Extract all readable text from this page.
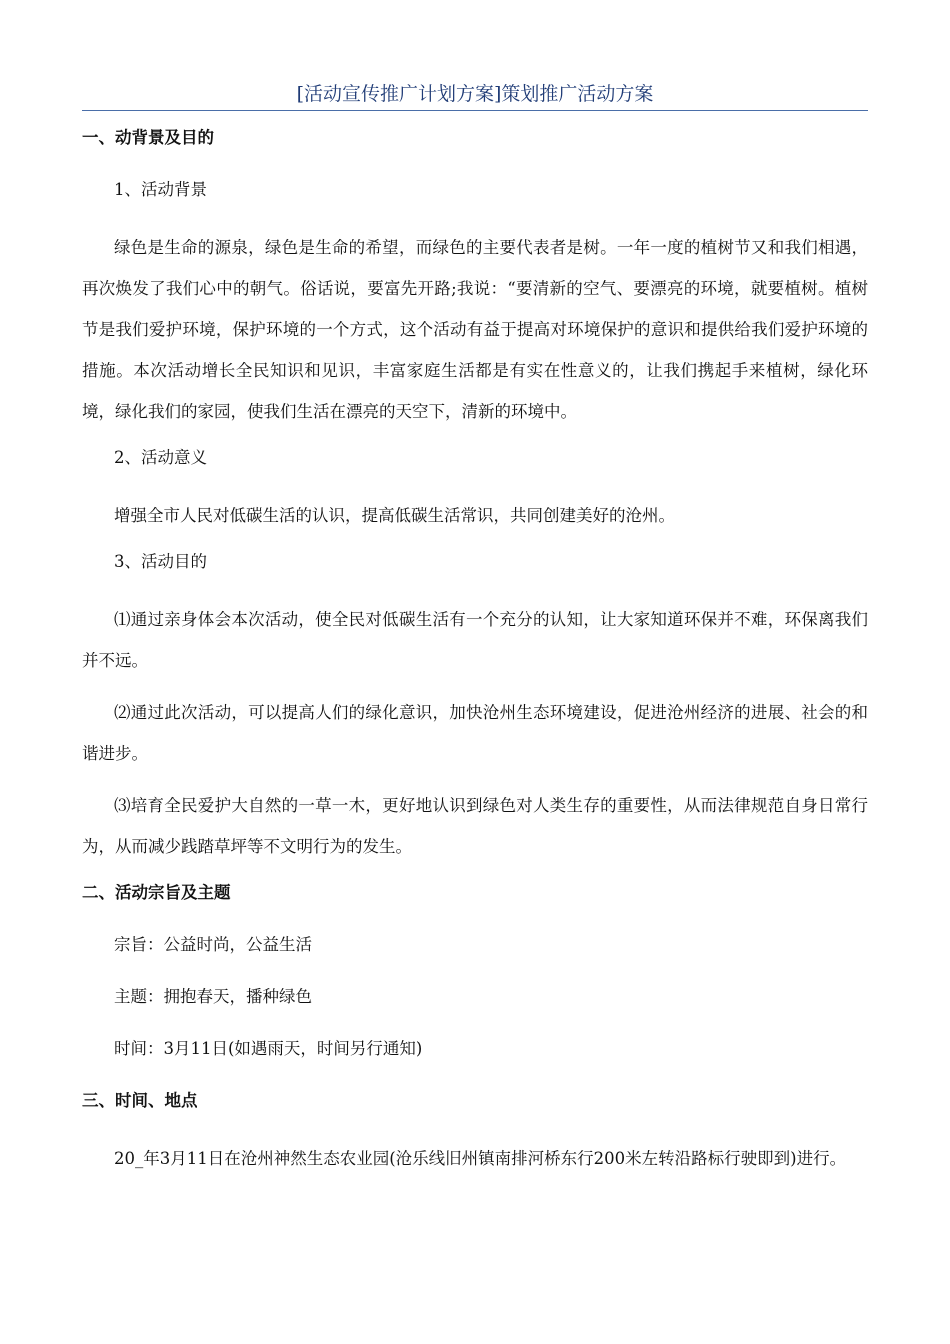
[活动宣传推广计划方案]策划推广活动方案
一、动背景及目的
1、活动背景
绿色是生命的源泉，绿色是生命的希望，而绿色的主要代表者是树。一年一度的植树节又和我们相遇，再次焕发了我们心中的朝气。俗话说，要富先开路;我说：“要清新的空气、要漂亮的环境，就要植树。植树节是我们爱护环境，保护环境的一个方式，这个活动有益于提高对环境保护的意识和提供给我们爱护环境的措施。本次活动增长全民知识和见识，丰富家庭生活都是有实在性意义的，让我们携起手来植树，绿化环境，绿化我们的家园，使我们生活在漂亮的天空下，清新的环境中。
2、活动意义
增强全市人民对低碳生活的认识，提高低碳生活常识，共同创建美好的沧州。
3、活动目的
⑴通过亲身体会本次活动，使全民对低碳生活有一个充分的认知，让大家知道环保并不难，环保离我们并不远。
⑵通过此次活动，可以提高人们的绿化意识，加快沧州生态环境建设，促进沧州经济的进展、社会的和谐进步。
⑶培育全民爱护大自然的一草一木，更好地认识到绿色对人类生存的重要性，从而法律规范自身日常行为，从而减少践踏草坪等不文明行为的发生。
二、活动宗旨及主题
宗旨：公益时尚，公益生活
主题：拥抱春天，播种绿色
时间：3月11日(如遇雨天，时间另行通知)
三、时间、地点
20_年3月11日在沧州神然生态农业园(沧乐线旧州镇南排河桥东行200米左转沿路标行驶即到)进行。
